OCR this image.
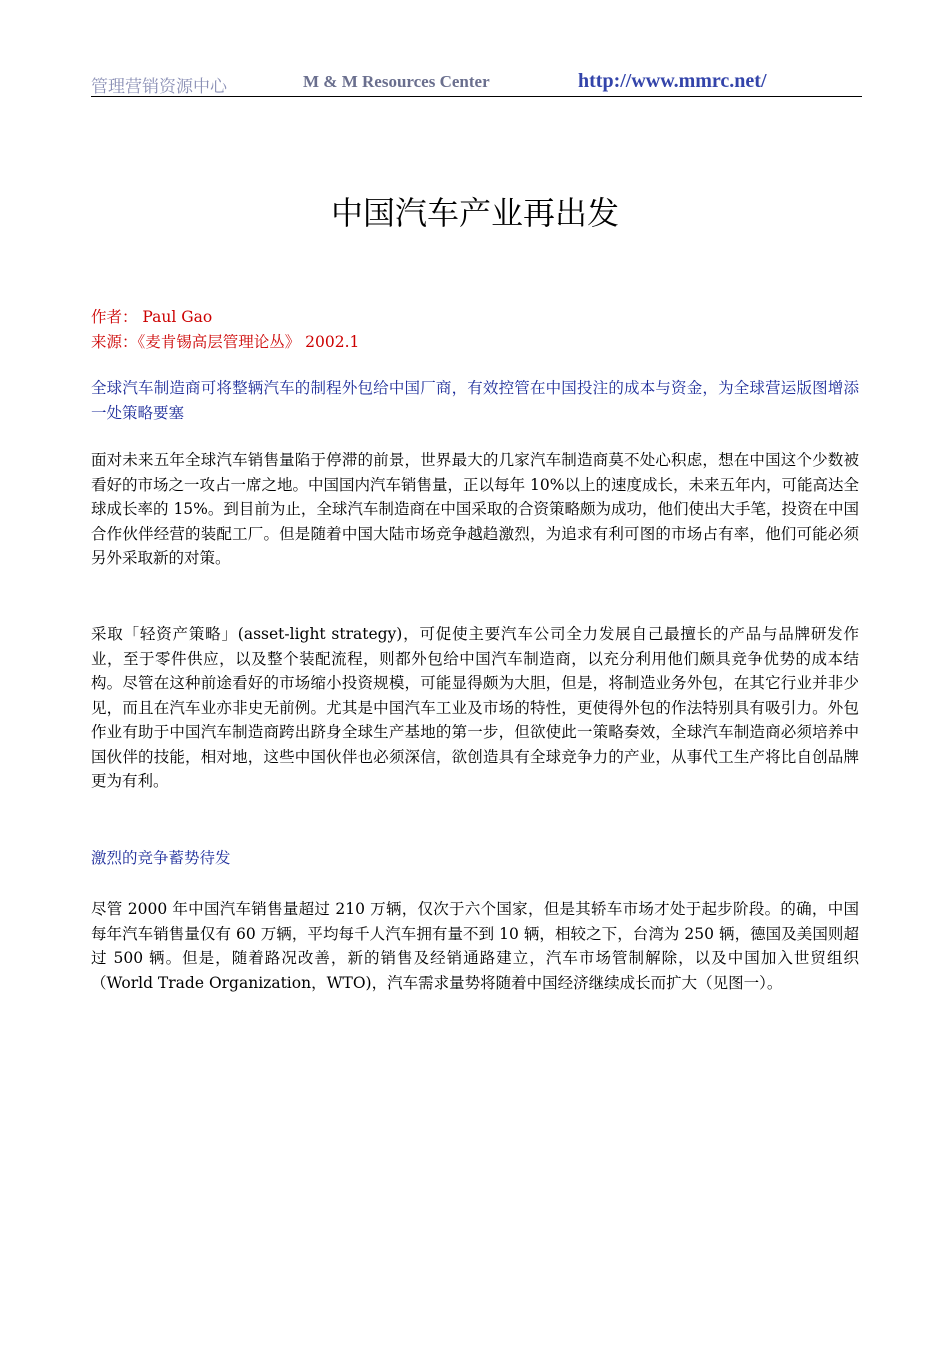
管理营销资源中心	M & M Resources Center	http://www.mmrc.net/
中国汽车产业再出发
作者： Paul Gao
来源：《麦肯锡高层管理论丛》 2002.1

全球汽车制造商可将整辆汽车的制程外包给中国厂商，有效控管在中国投注的成本与资金，为全球营运版图增添一处策略要塞

面对未来五年全球汽车销售量陷于停滞的前景，世界最大的几家汽车制造商莫不处心积虑，想在中国这个少数被看好的市场之一攻占一席之地。中国国内汽车销售量，正以每年 10%以上的速度成长，未来五年内，可能高达全球成长率的 15%。到目前为止，全球汽车制造商在中国采取的合资策略颇为成功，他们使出大手笔，投资在中国合作伙伴经营的装配工厂。但是随着中国大陆市场竞争越趋激烈，为追求有利可图的市场占有率，他们可能必须另外采取新的对策。

采取「轻资产策略」(asset-light strategy)，可促使主要汽车公司全力发展自己最擅长的产品与品牌研发作业，至于零件供应，以及整个装配流程，则都外包给中国汽车制造商，以充分利用他们颇具竞争优势的成本结构。尽管在这种前途看好的市场缩小投资规模，可能显得颇为大胆，但是，将制造业务外包，在其它行业并非少见，而且在汽车业亦非史无前例。尤其是中国汽车工业及市场的特性，更使得外包的作法特别具有吸引力。外包作业有助于中国汽车制造商跨出跻身全球生产基地的第一步，但欲使此一策略奏效，全球汽车制造商必须培养中国伙伴的技能，相对地，这些中国伙伴也必须深信，欲创造具有全球竞争力的产业，从事代工生产将比自创品牌更为有利。

激烈的竞争蓄势待发

尽管 2000 年中国汽车销售量超过 210 万辆，仅次于六个国家，但是其轿车市场才处于起步阶段。的确，中国每年汽车销售量仅有 60 万辆，平均每千人汽车拥有量不到 10 辆，相较之下，台湾为 250 辆，德国及美国则超过 500 辆。但是，随着路况改善，新的销售及经销通路建立，汽车市场管制解除，以及中国加入世贸组织（World Trade Organization，WTO)，汽车需求量势将随着中国经济继续成长而扩大（见图一）。
